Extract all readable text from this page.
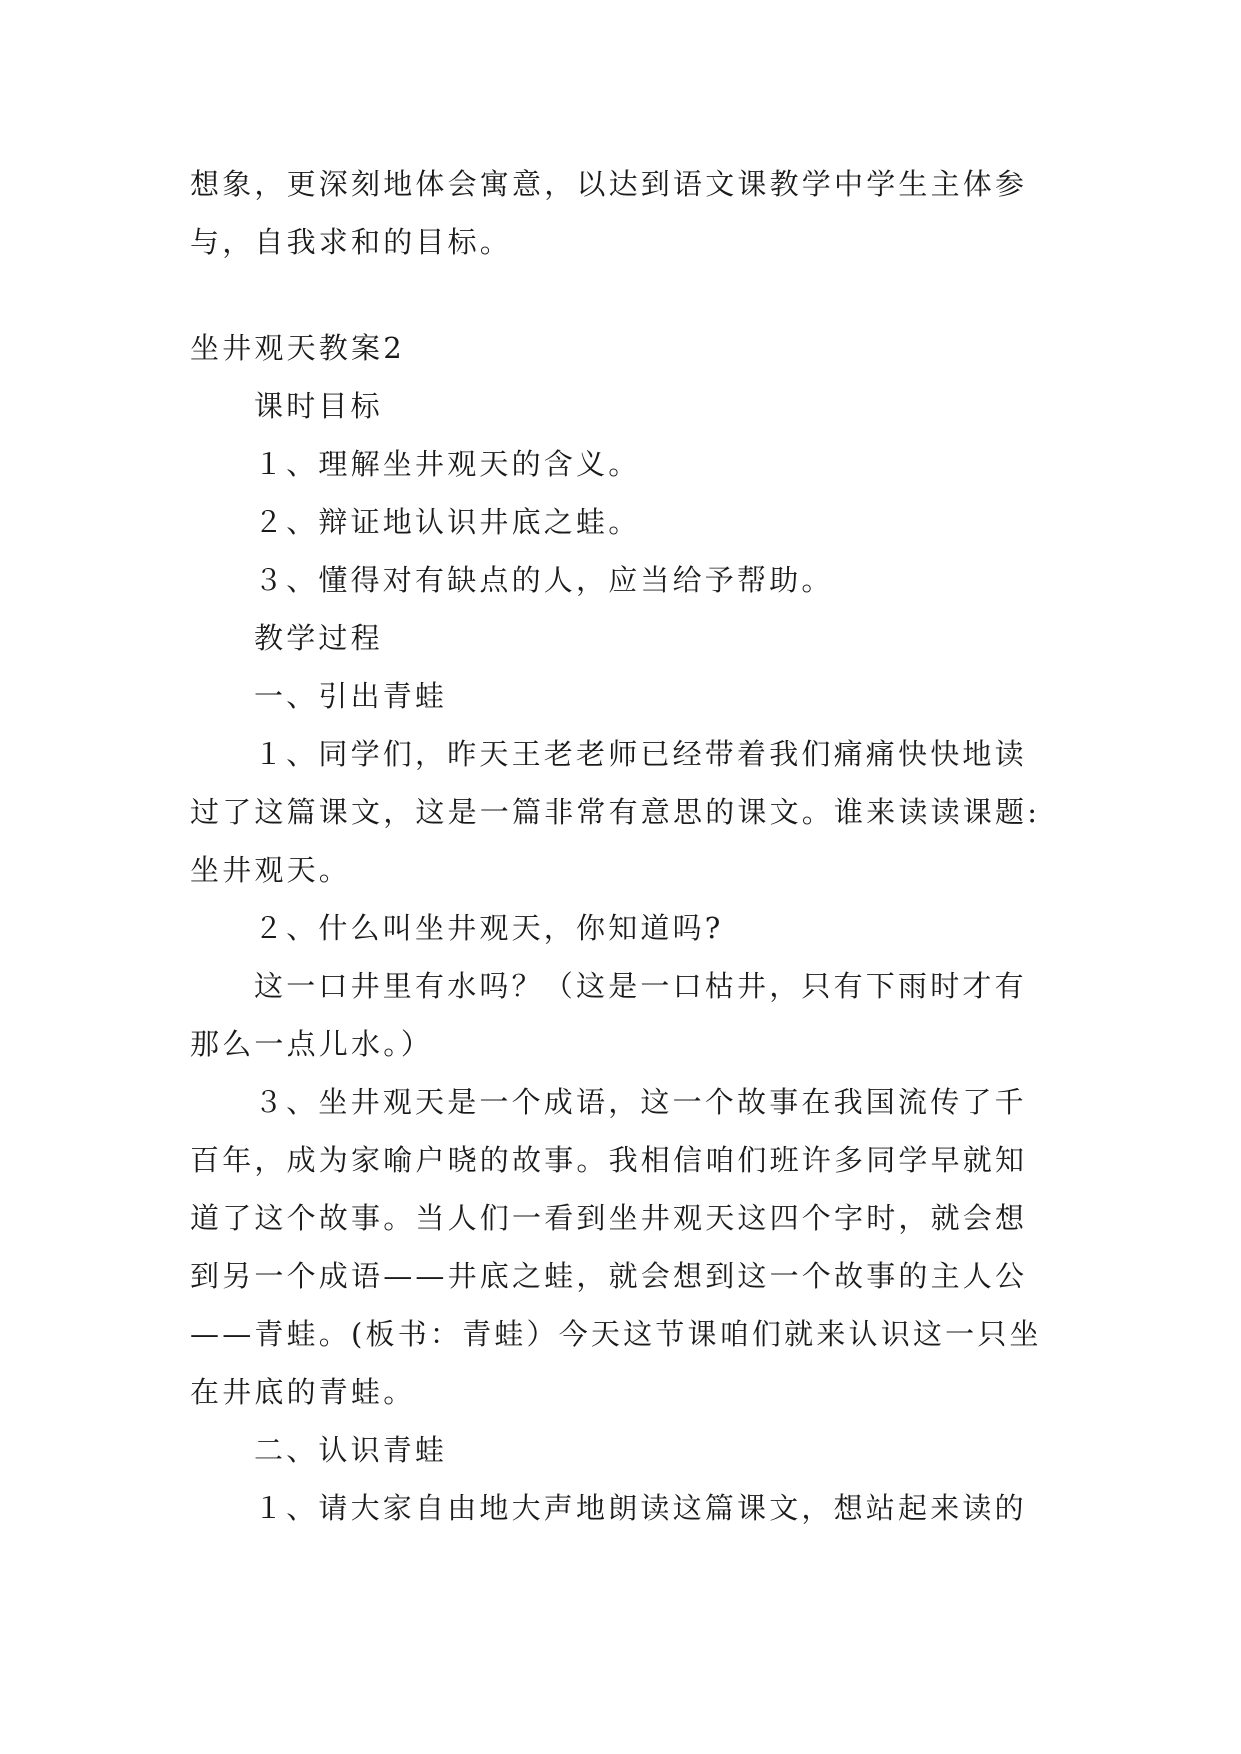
想象，更深刻地体会寓意，以达到语文课教学中学生主体参与，自我求和的目标。

坐井观天教案2

课时目标

１、理解坐井观天的含义。

２、辩证地认识井底之蛙。

３、懂得对有缺点的人，应当给予帮助。

教学过程

一、引出青蛙

１、同学们，昨天王老老师已经带着我们痛痛快快地读过了这篇课文，这是一篇非常有意思的课文。谁来读读课题:坐井观天。

２、什么叫坐井观天，你知道吗?

这一口井里有水吗？（这是一口枯井，只有下雨时才有那么一点儿水。）

３、坐井观天是一个成语，这一个故事在我国流传了千百年，成为家喻户晓的故事。我相信咱们班许多同学早就知道了这个故事。当人们一看到坐井观天这四个字时，就会想到另一个成语——井底之蛙，就会想到这一个故事的主人公——青蛙。(板书：青蛙）今天这节课咱们就来认识这一只坐在井底的青蛙。

二、认识青蛙

１、请大家自由地大声地朗读这篇课文，想站起来读的
